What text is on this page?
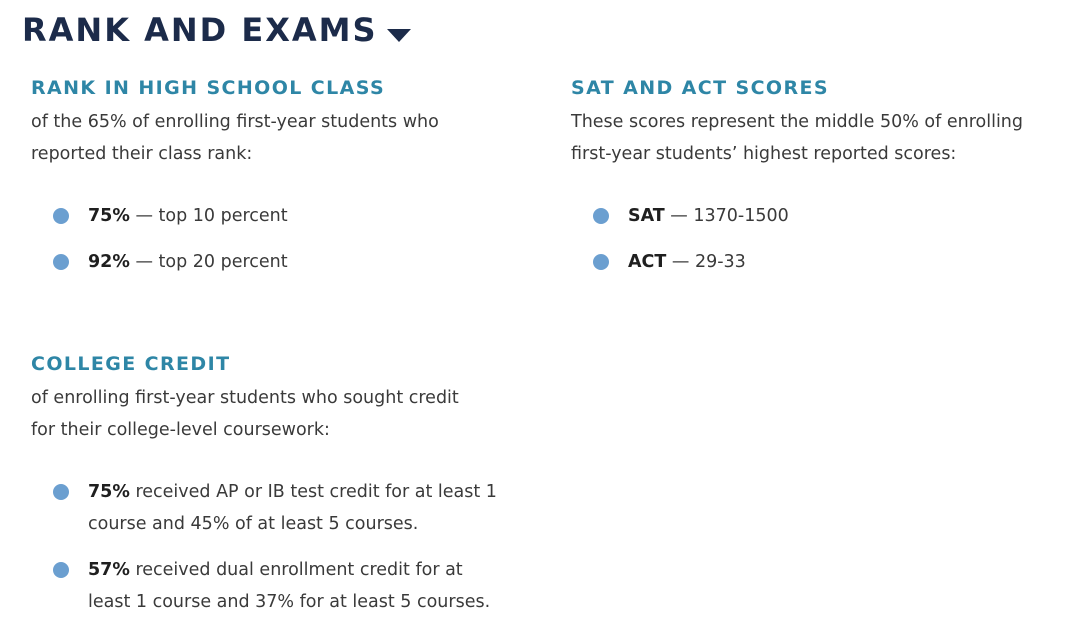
RANK AND EXAMS
RANK IN HIGH SCHOOL CLASS

of the 65% of enrolling first-year students who
reported their class rank:

75% — top 10 percent
92% — top 20 percent
SAT AND ACT SCORES

These scores represent the middle 50% of enrolling
first-year students’ highest reported scores:

SAT — 1370-1500
ACT — 29-33
COLLEGE CREDIT

of enrolling first-year students who sought credit
for their college-level coursework:

75% received AP or IB test credit for at least 1
course and 45% of at least 5 courses.
57% received dual enrollment credit for at
least 1 course and 37% for at least 5 courses.
